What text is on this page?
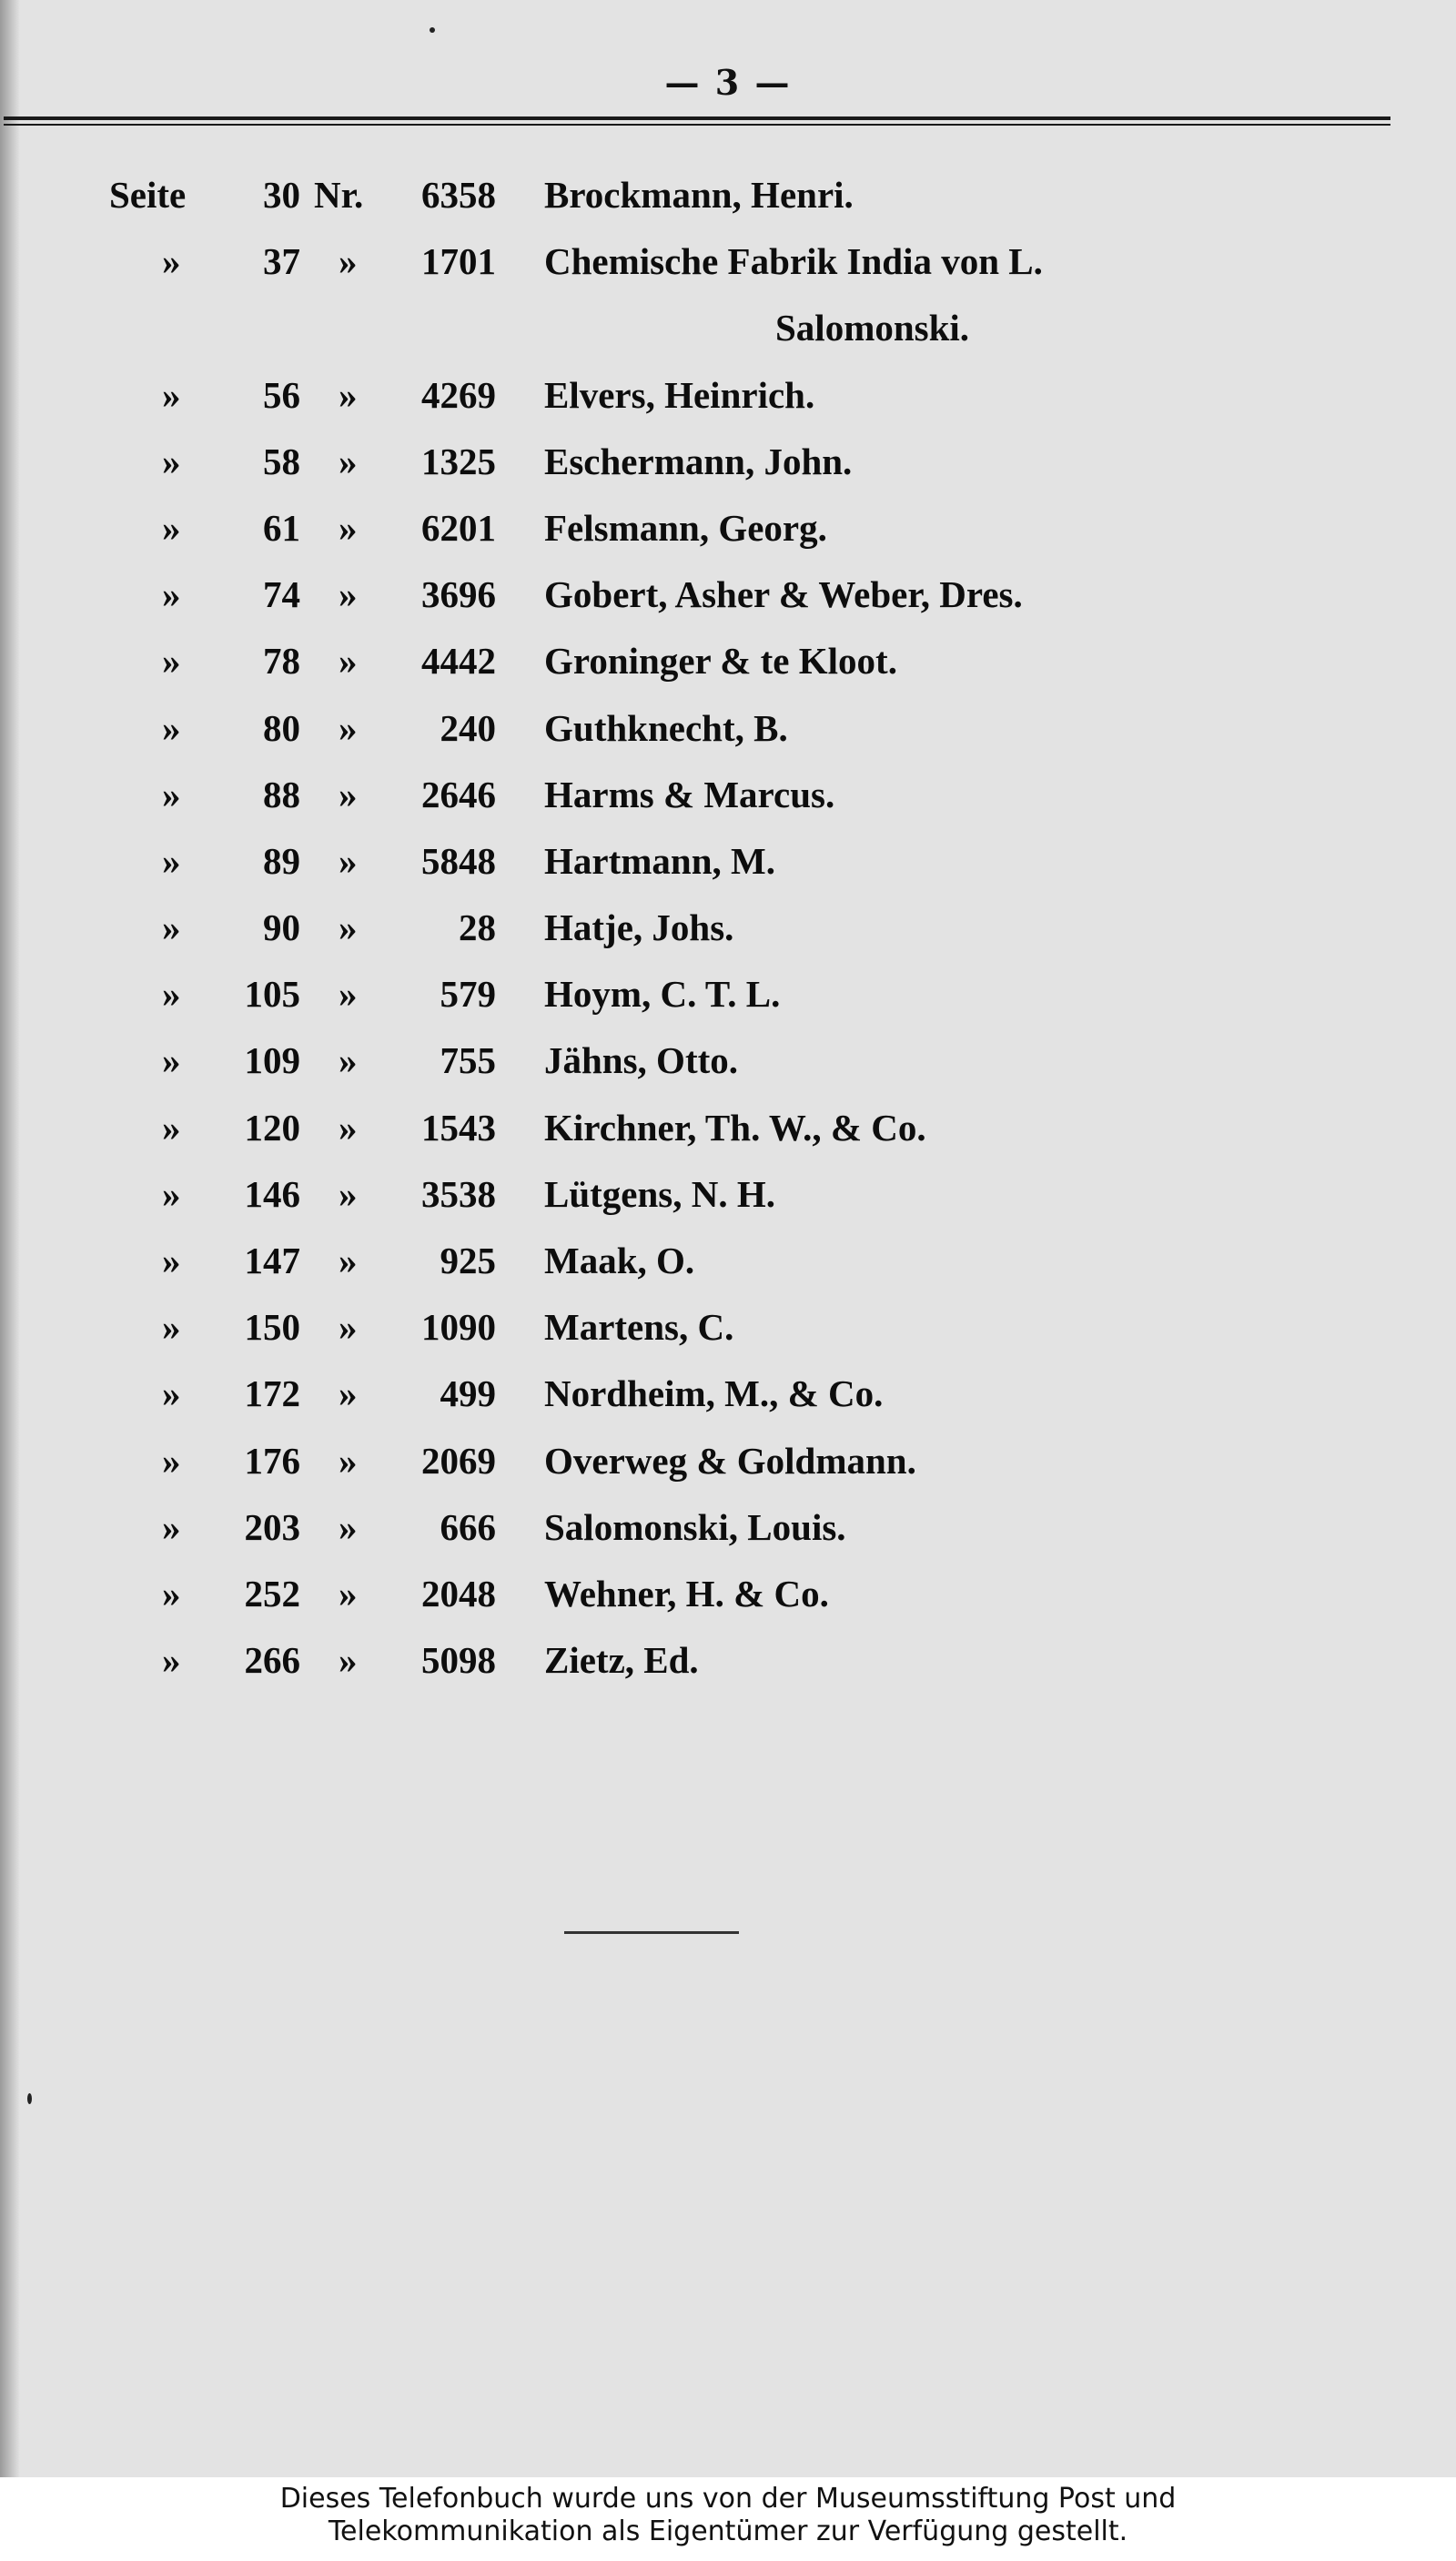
— 3 —
Seite 30 Nr. 6358 Brockmann, Henri.
» 37 » 1701 Chemische Fabrik India von L.
Salomonski.
» 56 » 4269 Elvers, Heinrich.
» 58 » 1325 Eschermann, John.
» 61 » 6201 Felsmann, Georg.
» 74 » 3696 Gobert, Asher & Weber, Dres.
» 78 » 4442 Groninger & te Kloot.
» 80 » 240 Guthknecht, B.
» 88 » 2646 Harms & Marcus.
» 89 » 5848 Hartmann, M.
» 90 »	28 Hatje, Johs.
» 105 » 579 Hoym, C. T. L.
» 109 » 755 Jähns, Otto.
» 120 » 1543 Kirchner, Th. W., & Co.
» 146 » 3538 Lütgens, N. H.
» 147 » 925 Maak, O.
» 150 » 1090 Martens, C.
» 172 » 499 Nordheim, M., & Co.
» 176 » 2069 Overweg & Goldmann.
» 203 » 666 Salomonski, Louis.
» 252 » 2048 Wehner, H. & Co.
» 266 » 5098 Zietz, Ed.
Dieses Telefonbuch wurde uns von der Museumsstiftung Post und
Telekommunikation als Eigentümer zur Verfügung gestellt.
